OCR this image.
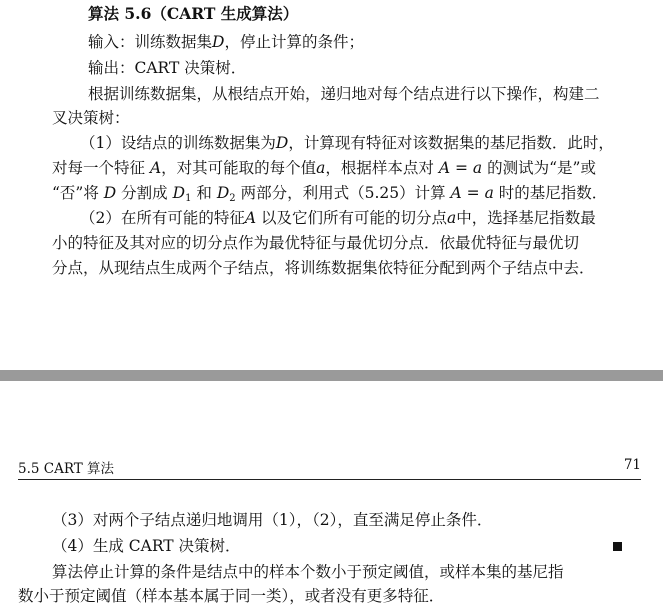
算法 5.6（CART 生成算法）
输入：训练数据集D，停止计算的条件；
输出：CART 决策树．
根据训练数据集，从根结点开始，递归地对每个结点进行以下操作，构建二
叉决策树：
（1）设结点的训练数据集为D，计算现有特征对该数据集的基尼指数．此时，
对每一个特征 A，对其可能取的每个值a，根据样本点对 A = a 的测试为“是”或
“否”将 D 分割成 $D_1$ 和 $D_2$ 两部分，利用式（5.25）计算 A = a 时的基尼指数．
（2）在所有可能的特征A 以及它们所有可能的切分点a中，选择基尼指数最
小的特征及其对应的切分点作为最优特征与最优切分点．依最优特征与最优切
分点，从现结点生成两个子结点，将训练数据集依特征分配到两个子结点中去．
5.5 CART 算法	71
（3）对两个子结点递归地调用（1），（2），直至满足停止条件．
（4）生成 CART 决策树．
算法停止计算的条件是结点中的样本个数小于预定阈值，或样本集的基尼指
数小于预定阈值（样本基本属于同一类），或者没有更多特征．
